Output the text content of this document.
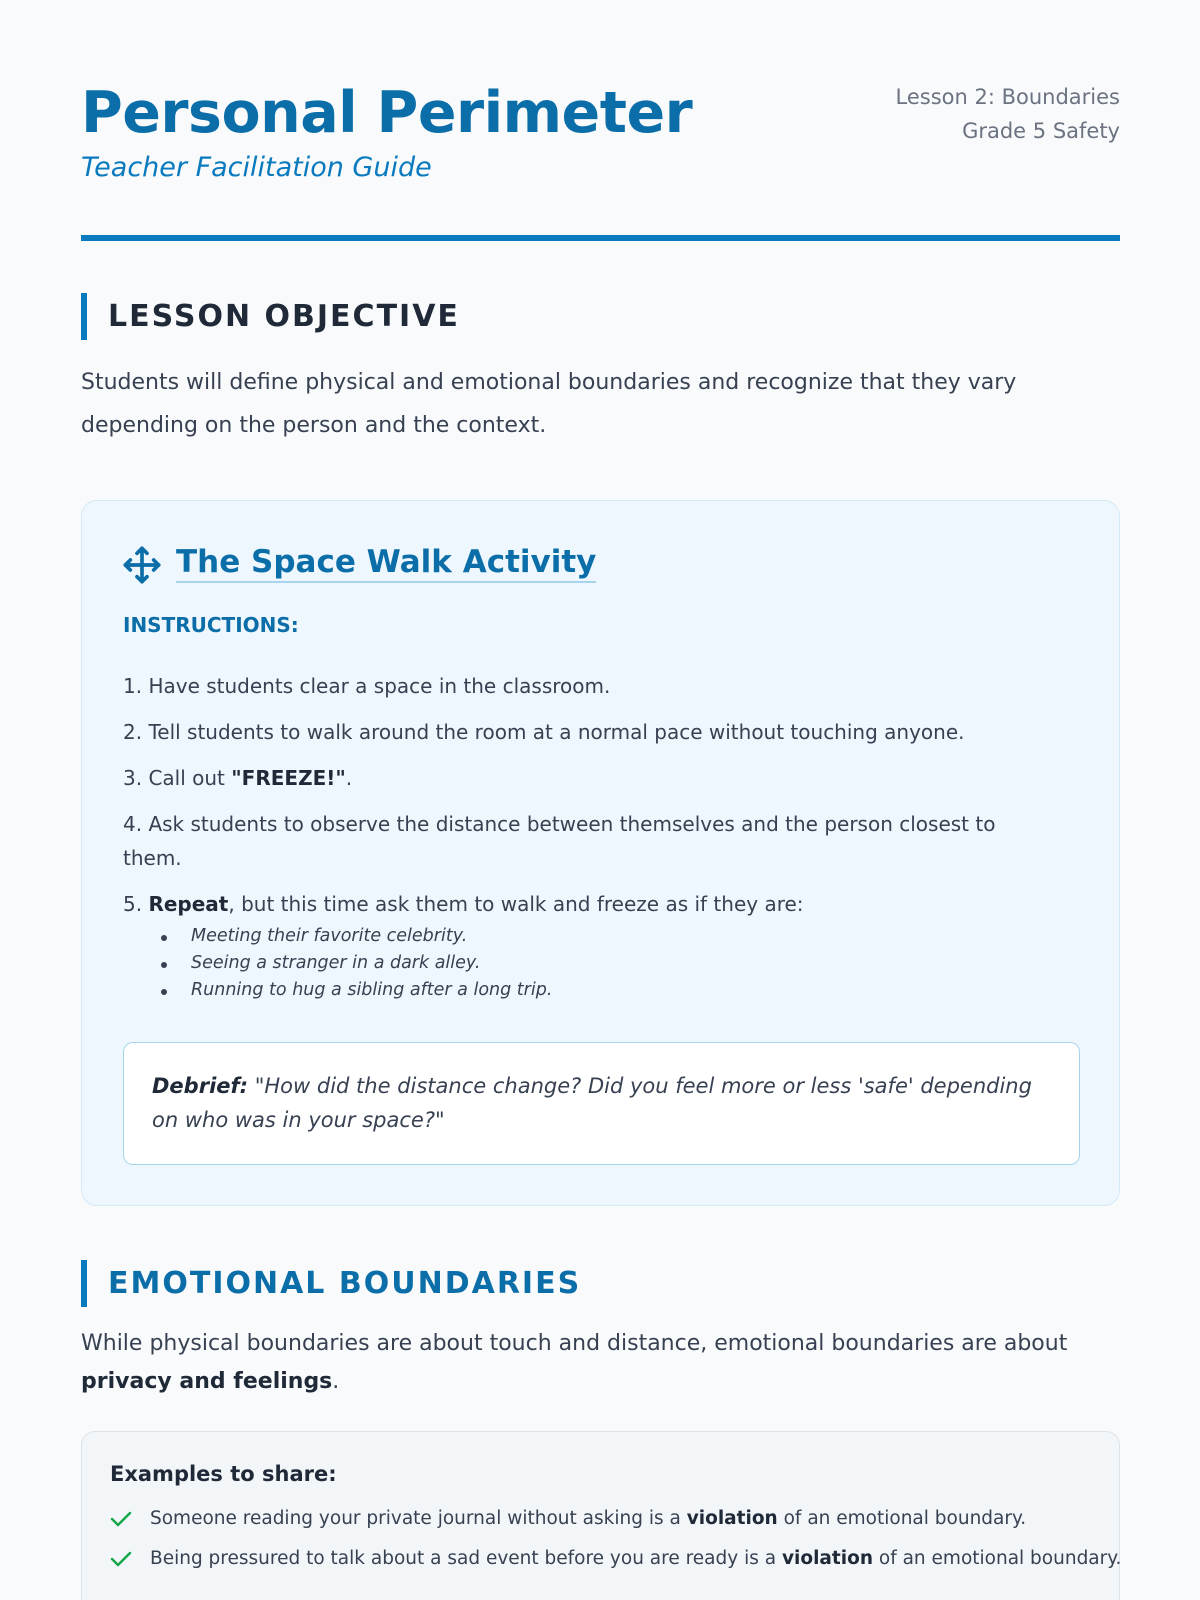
Personal Perimeter
Teacher Facilitation Guide
Lesson 2: Boundaries
Grade 5 Safety
LESSON OBJECTIVE

Students will define physical and emotional boundaries and recognize that they vary depending on the person and the context.

The Space Walk Activity
INSTRUCTIONS:
1. Have students clear a space in the classroom.
2. Tell students to walk around the room at a normal pace without touching anyone.
3. Call out "FREEZE!".
4. Ask students to observe the distance between themselves and the person closest to them.
5. Repeat, but this time ask them to walk and freeze as if they are:
Meeting their favorite celebrity.
Seeing a stranger in a dark alley.
Running to hug a sibling after a long trip.
Debrief: "How did the distance change? Did you feel more or less 'safe' depending on who was in your space?"
EMOTIONAL BOUNDARIES

While physical boundaries are about touch and distance, emotional boundaries are about privacy and feelings.

Examples to share:
Someone reading your private journal without asking is a violation of an emotional boundary.
Being pressured to talk about a sad event before you are ready is a violation of an emotional boundary.
